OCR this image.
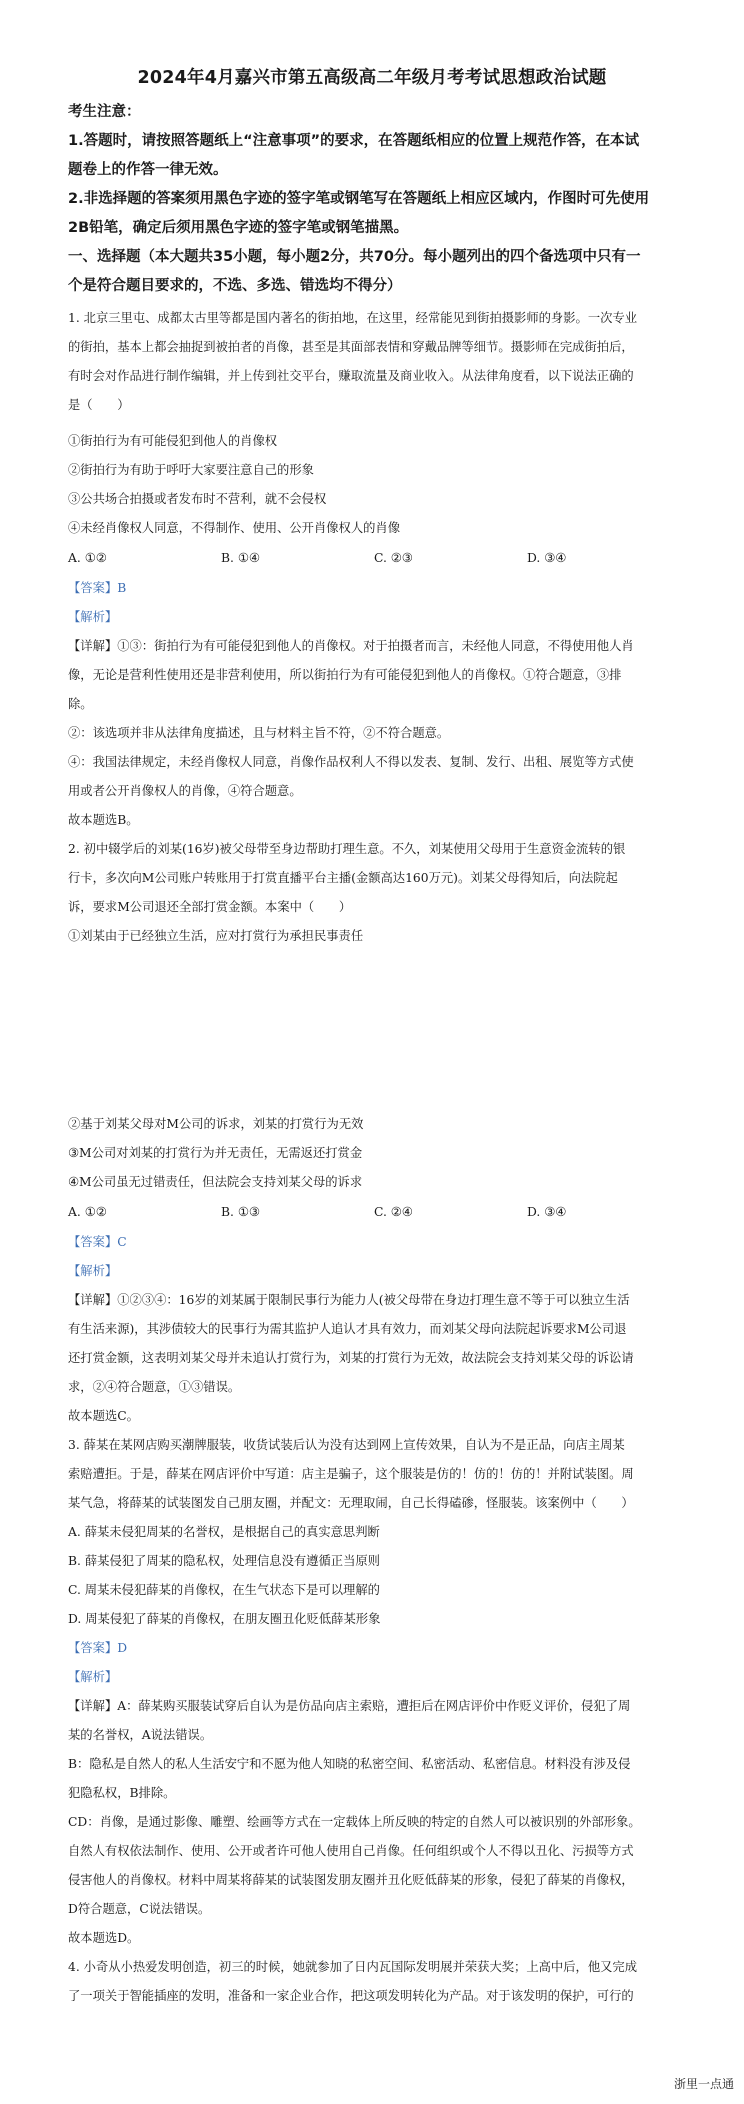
2024年4月嘉兴市第五高级高二年级月考考试思想政治试题
考生注意：
1.答题时，请按照答题纸上“注意事项”的要求，在答题纸相应的位置上规范作答，在本试
题卷上的作答一律无效。
2.非选择题的答案须用黑色字迹的签字笔或钢笔写在答题纸上相应区域内，作图时可先使用
2B铅笔，确定后须用黑色字迹的签字笔或钢笔描黑。
一、选择题（本大题共35小题，每小题2分，共70分。每小题列出的四个备选项中只有一
个是符合题目要求的，不选、多选、错选均不得分）
1. 北京三里屯、成都太古里等都是国内著名的街拍地，在这里，经常能见到街拍摄影师的身影。一次专业
的街拍，基本上都会抽捉到被拍者的肖像，甚至是其面部表情和穿戴品牌等细节。摄影师在完成街拍后，
有时会对作品进行制作编辑，并上传到社交平台，赚取流量及商业收入。从法律角度看，以下说法正确的
是（　　）
①街拍行为有可能侵犯到他人的肖像权
②街拍行为有助于呼吁大家要注意自己的形象
③公共场合拍摄或者发布时不营利，就不会侵权
④未经肖像权人同意，不得制作、使用、公开肖像权人的肖像
A. ①②	B. ①④	C. ②③	D. ③④
【答案】B
【解析】
【详解】①③：街拍行为有可能侵犯到他人的肖像权。对于拍摄者而言，未经他人同意，不得使用他人肖
像，无论是营利性使用还是非营利使用，所以街拍行为有可能侵犯到他人的肖像权。①符合题意，③排
除。
②：该选项并非从法律角度描述，且与材料主旨不符，②不符合题意。
④：我国法律规定，未经肖像权人同意，肖像作品权利人不得以发表、复制、发行、出租、展览等方式使
用或者公开肖像权人的肖像，④符合题意。
故本题选B。
2. 初中辍学后的刘某(16岁)被父母带至身边帮助打理生意。不久，刘某使用父母用于生意资金流转的银
行卡，多次向M公司账户转账用于打赏直播平台主播(金额高达160万元)。刘某父母得知后，向法院起
诉，要求M公司退还全部打赏金额。本案中（　　）
①刘某由于已经独立生活，应对打赏行为承担民事责任
②基于刘某父母对M公司的诉求，刘某的打赏行为无效
③M公司对刘某的打赏行为并无责任，无需返还打赏金
④M公司虽无过错责任，但法院会支持刘某父母的诉求
A. ①②	B. ①③	C. ②④	D. ③④
【答案】C
【解析】
【详解】①②③④：16岁的刘某属于限制民事行为能力人(被父母带在身边打理生意不等于可以独立生活
有生活来源)，其涉债较大的民事行为需其监护人追认才具有效力，而刘某父母向法院起诉要求M公司退
还打赏金额，这表明刘某父母并未追认打赏行为，刘某的打赏行为无效，故法院会支持刘某父母的诉讼请
求，②④符合题意，①③错误。
故本题选C。
3. 薛某在某网店购买潮牌服装，收货试装后认为没有达到网上宣传效果，自认为不是正品，向店主周某
索赔遭拒。于是，薛某在网店评价中写道：店主是骗子，这个服装是仿的！仿的！仿的！并附试装图。周
某气急，将薛某的试装图发自己朋友圈，并配文：无理取闹，自己长得磕碜，怪服装。该案例中（　　）
A. 薛某未侵犯周某的名誉权，是根据自己的真实意思判断
B. 薛某侵犯了周某的隐私权，处理信息没有遵循正当原则
C. 周某未侵犯薛某的肖像权，在生气状态下是可以理解的
D. 周某侵犯了薛某的肖像权，在朋友圈丑化贬低薛某形象
【答案】D
【解析】
【详解】A：薛某购买服装试穿后自认为是仿品向店主索赔，遭拒后在网店评价中作贬义评价，侵犯了周
某的名誉权，A说法错误。
B：隐私是自然人的私人生活安宁和不愿为他人知晓的私密空间、私密活动、私密信息。材料没有涉及侵
犯隐私权，B排除。
CD：肖像，是通过影像、雕塑、绘画等方式在一定载体上所反映的特定的自然人可以被识别的外部形象。
自然人有权依法制作、使用、公开或者许可他人使用自己肖像。任何组织或个人不得以丑化、污损等方式
侵害他人的肖像权。材料中周某将薛某的试装图发朋友圈并丑化贬低薛某的形象，侵犯了薛某的肖像权，
D符合题意，C说法错误。
故本题选D。
4. 小奇从小热爱发明创造，初三的时候，她就参加了日内瓦国际发明展并荣获大奖；上高中后，他又完成
了一项关于智能插座的发明，准备和一家企业合作，把这项发明转化为产品。对于该发明的保护，可行的
浙里一点通
